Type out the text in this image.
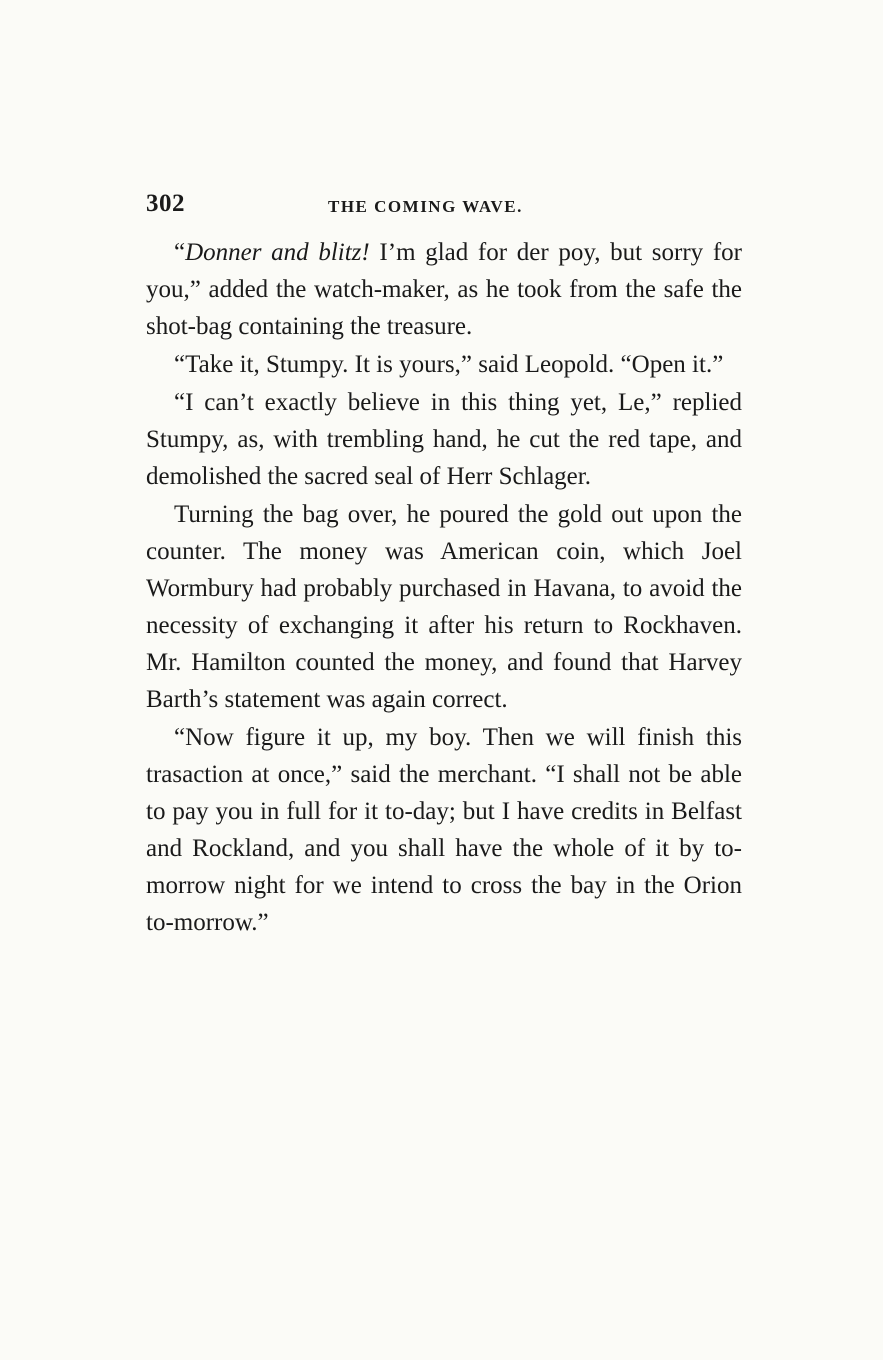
302	THE COMING WAVE.

“Donner and blitz! I’m glad for der poy, but sorry for you,” added the watch-maker, as he took from the safe the shot-bag containing the treasure.

“Take it, Stumpy. It is yours,” said Leopold. “Open it.”

“I can’t exactly believe in this thing yet, Le,” replied Stumpy, as, with trembling hand, he cut the red tape, and demolished the sacred seal of Herr Schlager.

Turning the bag over, he poured the gold out upon the counter. The money was American coin, which Joel Wormbury had probably purchased in Havana, to avoid the necessity of exchanging it after his return to Rockhaven. Mr. Hamilton counted the money, and found that Harvey Barth’s statement was again correct.

“Now figure it up, my boy. Then we will finish this trasaction at once,” said the merchant. “I shall not be able to pay you in full for it to-day; but I have credits in Belfast and Rockland, and you shall have the whole of it by to-morrow night for we intend to cross the bay in the Orion to-morrow.”
